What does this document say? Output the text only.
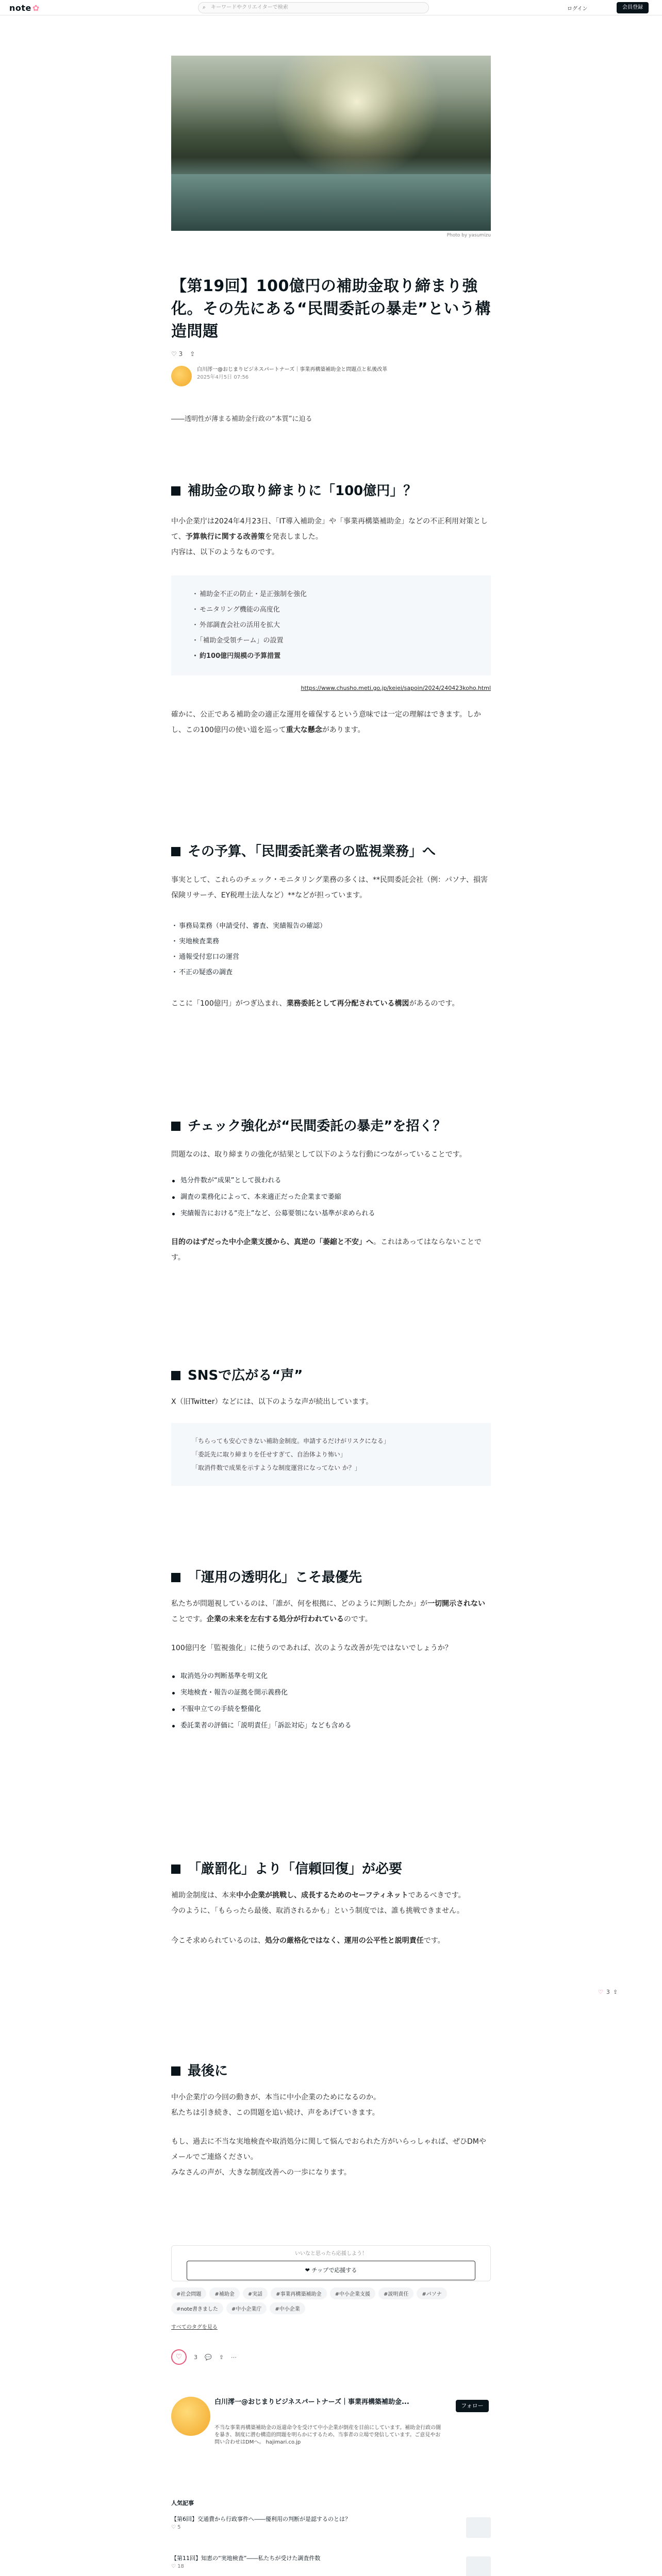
note ✿	⌕ キーワードやクリエイターで検索	ログイン	会員登録
Photo by yasumizu
【第19回】100億円の補助金取り締まり強化。その先にある“民間委託の暴走”という構造問題
♡ 3 ⇪
白川澪一@おじまりビジネスパートナーズ｜事業再構築補助金と問題点と私後改革
2025年4月5日 07:56

――透明性が薄まる補助金行政の“本質”に迫る

補助金の取り締まりに「100億円」？

中小企業庁は2024年4月23日、「IT導入補助金」や「事業再構築補助金」などの不正利用対策として、予算執行に関する改善策を発表しました。

内容は、以下のようなものです。

・ 補助金不正の防止・是正強制を強化
・ モニタリング機能の高度化
・ 外部調査会社の活用を拡大
・ 「補助金受領チーム」の設置
・ 約100億円規模の予算措置

https://www.chusho.meti.go.jp/keiei/sapoin/2024/240423koho.html

確かに、公正である補助金の適正な運用を確保するという意味では一定の理解はできます。しかし、この100億円の使い道を巡って重大な懸念があります。

その予算、「民間委託業者の監視業務」へ

事実として、これらのチェック・モニタリング業務の多くは、**民間委託会社（例：パソナ、損害保険リサーチ、EY税理士法人など）**などが担っています。

・ 事務局業務（申請受付、審査、実績報告の確認）
・ 実地検査業務
・ 通報受付窓口の運営
・ 不正の疑惑の調査

ここに「100億円」がつぎ込まれ、業務委託として再分配されている構図があるのです。

チェック強化が“民間委託の暴走”を招く？

問題なのは、取り締まりの強化が結果として以下のような行動につながっていることです。

処分件数が“成果”として扱われる
調査の業務化によって、本来適正だった企業まで萎縮
実績報告における“売上”など、公募要領にない基準が求められる

目的のはずだった中小企業支援から、真逆の「萎縮と不安」へ。これはあってはならないことです。

SNSで広がる“声”

X（旧Twitter）などには、以下のような声が続出しています。

「ちらっても安心できない補助金制度。申請するだけがリスクになる」

「委託先に取り締まりを任せすぎて、自治体より怖い」

「取消件数で成果を示すような制度運営になってない か？」

「運用の透明化」こそ最優先

私たちが問題視しているのは、「誰が、何を根拠に、どのように判断したか」が一切開示されないことです。企業の未来を左右する処分が行われているのです。

100億円を「監視強化」に使うのであれば、次のような改善が先ではないでしょうか？

取消処分の判断基準を明文化
実地検査・報告の証拠を開示義務化
不服申立ての手続を整備化
委託業者の評価に「説明責任」「訴訟対応」なども含める
「厳罰化」より「信頼回復」が必要

補助金制度は、本来中小企業が挑戦し、成長するためのセーフティネットであるべきです。

今のように、「もらったら最後、取消されるかも」という制度では、誰も挑戦できません。

今こそ求められているのは、処分の厳格化ではなく、運用の公平性と説明責任です。

最後に

中小企業庁の今回の動きが、本当に中小企業のためになるのか。

私たちは引き続き、この問題を追い続け、声をあげていきます。

もし、過去に不当な実地検査や取消処分に関して悩んでおられた方がいらっしゃれば、ぜひDMやメールでご連絡ください。

みなさんの声が、大きな制度改善への一歩になります。

♡ 3 ⇪
いいなと思ったら応援しよう！
❤ チップで応援する
#社会問題	#補助金	#実話	#事業再構築補助金	#中小企業支援	#説明責任	#パソナ
#note書きました	#中小企業庁	#中小企業
すべてのタグを見る
♡	3 💬 ⇪ ⋯
白川澪一@おじまりビジネスパートナーズ｜事業再構築補助金...
不当な事業再構築補助金の返還命令を受けて中小企業が倒産を目前にしています。補助金行政の闇を暴き、制度に潜む構造的問題を明らかにするため、当事者の立場で発信しています。ご意見やお問い合わせはDMへ。 hajimari.co.jp
フォロー
人気記事
【第6回】交通費から行政事件へ――優利用の判断が是認するのとは？
♡ 5
【第11回】知恵の“実地検査”――私たちが受けた調査件数
♡ 18
